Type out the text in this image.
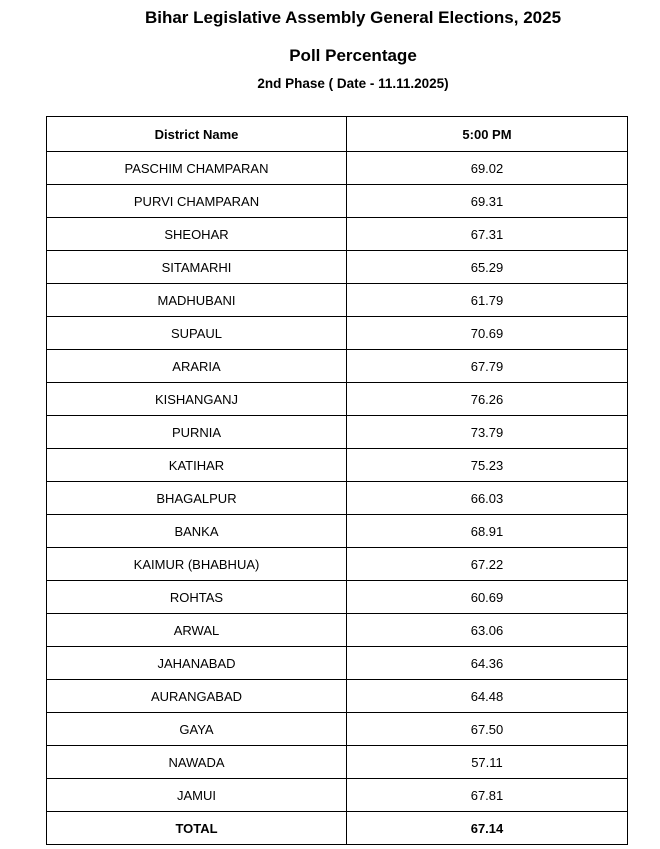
Bihar Legislative Assembly General Elections, 2025
Poll Percentage
2nd Phase ( Date - 11.11.2025)
District Name	5:00 PM
PASCHIM CHAMPARAN	69.02
PURVI CHAMPARAN	69.31
SHEOHAR	67.31
SITAMARHI	65.29
MADHUBANI	61.79
SUPAUL	70.69
ARARIA	67.79
KISHANGANJ	76.26
PURNIA	73.79
KATIHAR	75.23
BHAGALPUR	66.03
BANKA	68.91
KAIMUR (BHABHUA)	67.22
ROHTAS	60.69
ARWAL	63.06
JAHANABAD	64.36
AURANGABAD	64.48
GAYA	67.50
NAWADA	57.11
JAMUI	67.81
TOTAL	67.14
